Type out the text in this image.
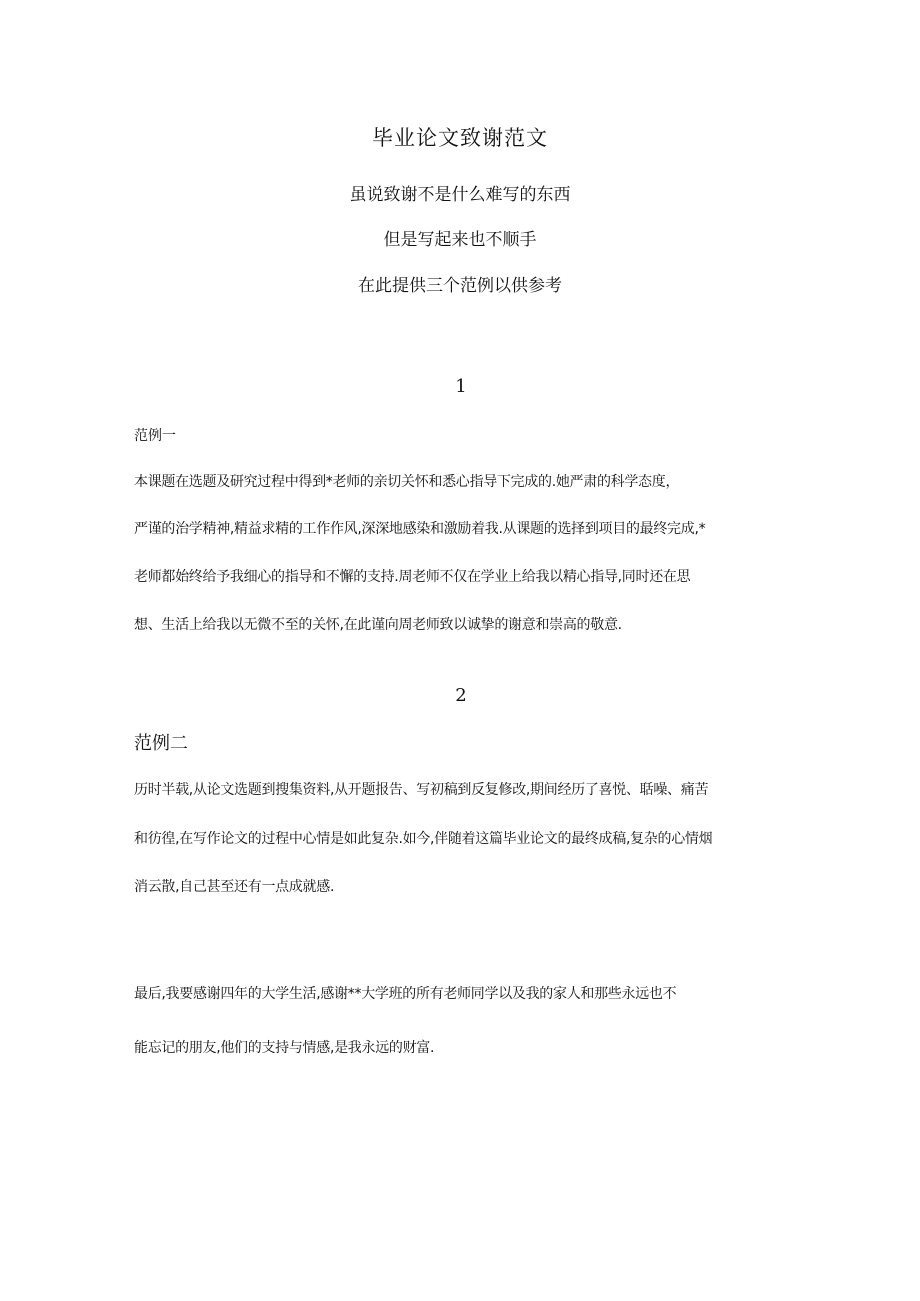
毕业论文致谢范文
虽说致谢不是什么难写的东西
但是写起来也不顺手
在此提供三个范例以供参考
1
范例一
本课题在选题及研究过程中得到*老师的亲切关怀和悉心指导下完成的.她严肃的科学态度，
严谨的治学精神,精益求精的工作作风,深深地感染和激励着我.从课题的选择到项目的最终完成,*
老师都始终给予我细心的指导和不懈的支持.周老师不仅在学业上给我以精心指导,同时还在思
想、生活上给我以无微不至的关怀,在此谨向周老师致以诚挚的谢意和崇高的敬意.
2
范例二
历时半载,从论文选题到搜集资料,从开题报告、写初稿到反复修改,期间经历了喜悦、聒噪、痛苦
和彷徨,在写作论文的过程中心情是如此复杂.如今,伴随着这篇毕业论文的最终成稿,复杂的心情烟
消云散,自己甚至还有一点成就感.
最后,我要感谢四年的大学生活,感谢**大学班的所有老师同学以及我的家人和那些永远也不
能忘记的朋友,他们的支持与情感,是我永远的财富.
